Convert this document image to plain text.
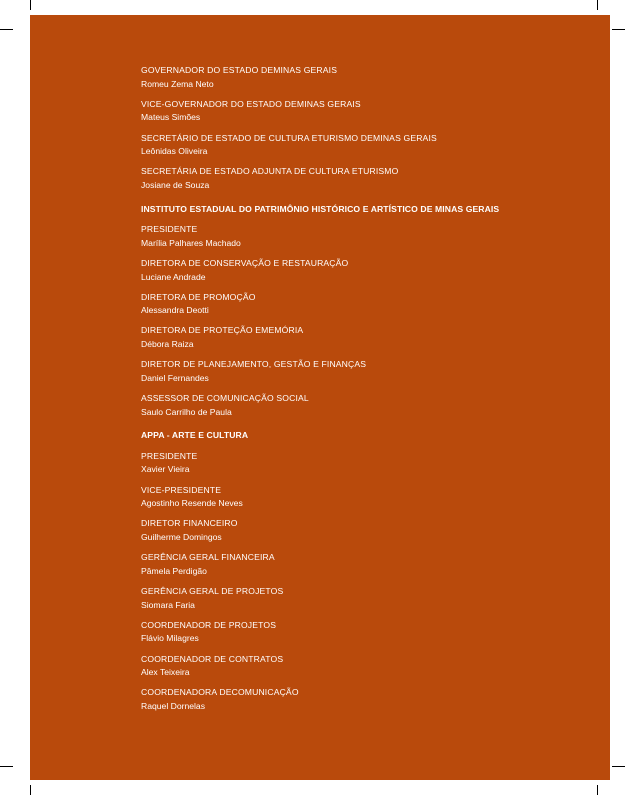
GOVERNADOR DO ESTADO DEMINAS GERAIS
Romeu Zema Neto
VICE-GOVERNADOR DO ESTADO DEMINAS GERAIS
Mateus Simões
SECRETÁRIO DE ESTADO DE CULTURA ETURISMO DEMINAS GERAIS
Leônidas Oliveira
SECRETÁRIA DE ESTADO ADJUNTA DE CULTURA ETURISMO
Josiane de Souza
INSTITUTO ESTADUAL DO PATRIMÔNIO HISTÓRICO E ARTÍSTICO DE MINAS GERAIS
PRESIDENTE
Marília Palhares Machado
DIRETORA DE CONSERVAÇÃO E RESTAURAÇÃO
Luciane Andrade
DIRETORA DE PROMOÇÃO
Alessandra Deotti
DIRETORA DE PROTEÇÃO EMEMÓRIA
Débora Raiza
DIRETOR DE PLANEJAMENTO, GESTÃO E FINANÇAS
Daniel Fernandes
ASSESSOR DE COMUNICAÇÃO SOCIAL
Saulo Carrilho de Paula
APPA - ARTE E CULTURA
PRESIDENTE
Xavier Vieira
VICE-PRESIDENTE
Agostinho Resende Neves
DIRETOR FINANCEIRO
Guilherme Domingos
GERÊNCIA GERAL FINANCEIRA
Pâmela Perdigão
GERÊNCIA GERAL DE PROJETOS
Siomara Faria
COORDENADOR DE PROJETOS
Flávio Milagres
COORDENADOR DE CONTRATOS
Alex Teixeira
COORDENADORA DECOMUNICAÇÃO
Raquel Dornelas
